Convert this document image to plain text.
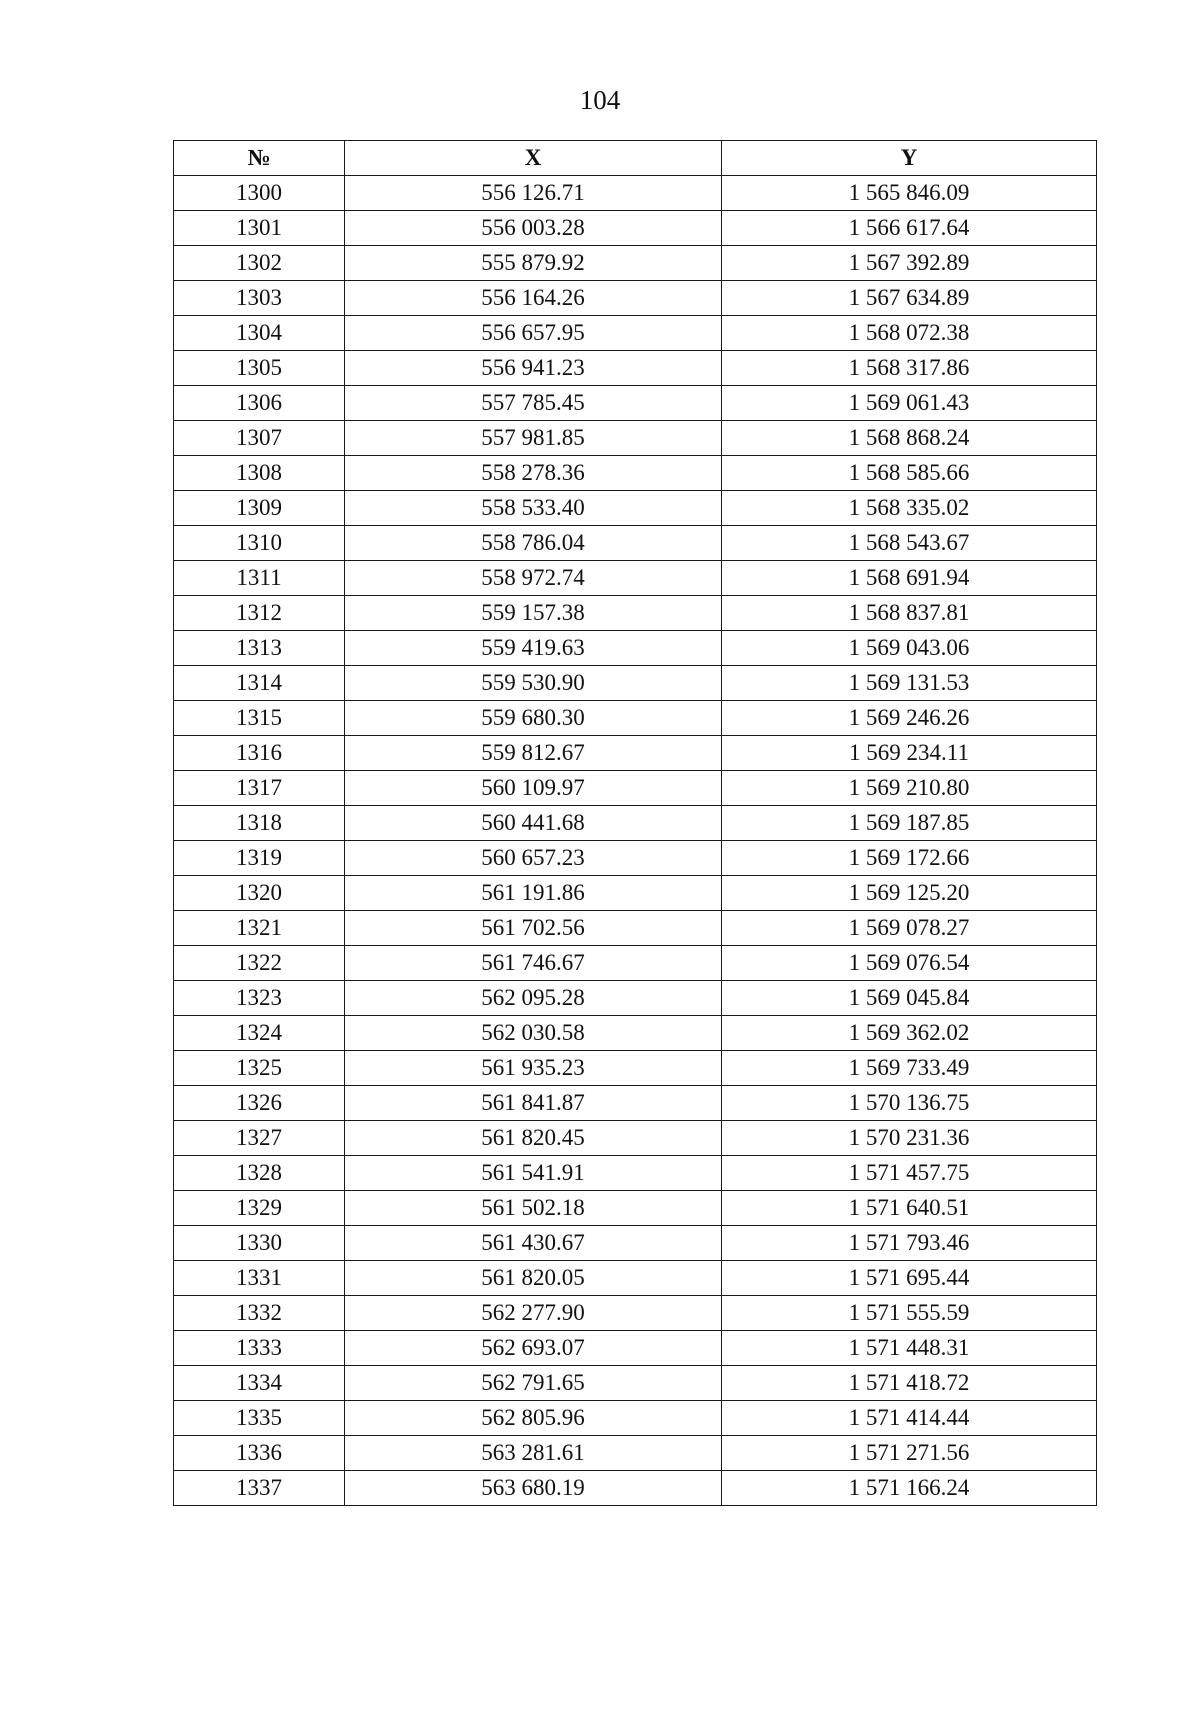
104
№	X	Y
1300	556 126.71	1 565 846.09
1301	556 003.28	1 566 617.64
1302	555 879.92	1 567 392.89
1303	556 164.26	1 567 634.89
1304	556 657.95	1 568 072.38
1305	556 941.23	1 568 317.86
1306	557 785.45	1 569 061.43
1307	557 981.85	1 568 868.24
1308	558 278.36	1 568 585.66
1309	558 533.40	1 568 335.02
1310	558 786.04	1 568 543.67
1311	558 972.74	1 568 691.94
1312	559 157.38	1 568 837.81
1313	559 419.63	1 569 043.06
1314	559 530.90	1 569 131.53
1315	559 680.30	1 569 246.26
1316	559 812.67	1 569 234.11
1317	560 109.97	1 569 210.80
1318	560 441.68	1 569 187.85
1319	560 657.23	1 569 172.66
1320	561 191.86	1 569 125.20
1321	561 702.56	1 569 078.27
1322	561 746.67	1 569 076.54
1323	562 095.28	1 569 045.84
1324	562 030.58	1 569 362.02
1325	561 935.23	1 569 733.49
1326	561 841.87	1 570 136.75
1327	561 820.45	1 570 231.36
1328	561 541.91	1 571 457.75
1329	561 502.18	1 571 640.51
1330	561 430.67	1 571 793.46
1331	561 820.05	1 571 695.44
1332	562 277.90	1 571 555.59
1333	562 693.07	1 571 448.31
1334	562 791.65	1 571 418.72
1335	562 805.96	1 571 414.44
1336	563 281.61	1 571 271.56
1337	563 680.19	1 571 166.24
